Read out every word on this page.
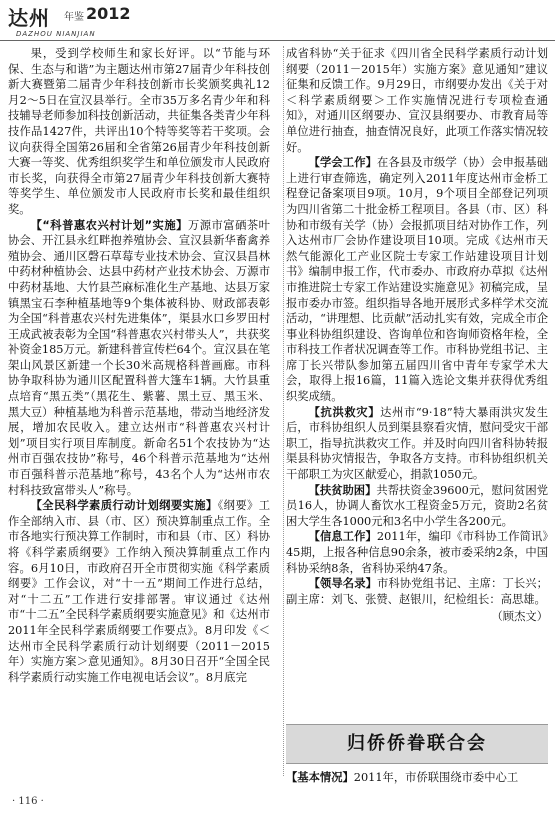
达州 年鉴 2012
DAZHOU NIANJIAN

果，受到学校师生和家长好评。以“节能与环保、生态与和谐”为主题达州市第27届青少年科技创新大赛暨第二届青少年科技创新市长奖颁奖典礼12月2～5日在宣汉县举行。全市35万多名青少年和科技辅导老师参加科技创新活动，共征集各类青少年科技作品1427件，共评出10个特等奖等若干奖项。会议向获得全国第26届和全省第26届青少年科技创新大赛一等奖、优秀组织奖学生和单位颁发市人民政府市长奖，向获得全市第27届青少年科技创新大赛特等奖学生、单位颁发市人民政府市长奖和最佳组织奖。

【“科普惠农兴村计划”实施】万源市富硒茶叶协会、开江县永红畔抱养殖协会、宣汉县新华畜禽养殖协会、通川区磬石草莓专业技术协会、宣汉县昌林中药材种植协会、达县中药材产业技术协会、万源市中药材基地、大竹县苎麻标准化生产基地、达县万家镇黑宝石李种植基地等9个集体被科协、财政部表彰为全国“科普惠农兴村先进集体”，渠县水口乡罗田村王成武被表彰为全国“科普惠农兴村带头人”，共获奖补资金185万元。新建科普宣传栏64个。宣汉县在笔架山风景区新建一个长30米高规格科普画廊。市科协争取科协为通川区配置科普大篷车1辆。大竹县重点培育“黑五类”（黑花生、紫薯、黑土豆、黑玉米、黑大豆）种植基地为科普示范基地，带动当地经济发展，增加农民收入。建立达州市“科普惠农兴村计划”项目实行项目库制度。新命名51个农技协为“达州市百强农技协”称号，46个科普示范基地为“达州市百强科普示范基地”称号，43名个人为“达州市农村科技致富带头人”称号。

【全民科学素质行动计划纲要实施】《纲要》工作全部纳入市、县（市、区）预决算制重点工作。全市各地实行预决算工作制时，市和县（市、区）科协将《科学素质纲要》工作纳入预决算制重点工作内容。6月10日，市政府召开全市贯彻实施《科学素质纲要》工作会议，对“十一五”期间工作进行总结，对“十二五”工作进行安排部署。审议通过《达州市“十二五”全民科学素质纲要实施意见》和《达州市2011年全民科学素质纲要工作要点》。8月印发《＜达州市全民科学素质行动计划纲要（2011－2015年）实施方案＞意见通知》。8月30日召开“全国全民科学素质行动实施工作电视电话会议”。8月底完

成省科协“关于征求《四川省全民科学素质行动计划纲要（2011－2015年）实施方案》意见通知”建议征集和反馈工作。9月29日，市纲要办发出《关于对＜科学素质纲要＞工作实施情况进行专项检查通知》，对通川区纲要办、宣汉县纲要办、市教育局等单位进行抽查，抽查情况良好，此项工作落实情况较好。

【学会工作】在各县及市级学（协）会申报基础上进行审查筛选，确定列入2011年度达州市金桥工程登记备案项目9项。10月，9个项目全部登记列项为四川省第二十批金桥工程项目。各县（市、区）科协和市级有关学（协）会报抓项目结对协作工作，列入达州市厂会协作建设项目10项。完成《达州市天然气能源化工产业区院士专家工作站建设项目计划书》编制申报工作，代市委办、市政府办草拟《达州市推进院士专家工作站建设实施意见》初稿完成，呈报市委办市签。组织指导各地开展形式多样学术交流活动，“讲理想、比贡献”活动扎实有效，完成全市企事业科协组织建设、咨询单位和咨询师资格年检，全市科技工作者状况调查等工作。市科协党组书记、主席丁长兴带队参加第五届四川省中青年专家学术大会，取得上报16篇，11篇入选论文集并获得优秀组织奖成绩。

【抗洪救灾】达州市“9·18”特大暴雨洪灾发生后，市科协组织人员到渠县察看灾情，慰问受灾干部职工，指导抗洪救灾工作。并及时向四川省科协转报渠县科协灾情报告，争取各方支持。市科协组织机关干部职工为灾区献爱心，捐款1050元。

【扶贫助困】共帮扶资金39600元，慰问贫困党员16人，协调人畜饮水工程资金5万元，资助2名贫困大学生各1000元和3名中小学生各200元。

【信息工作】2011年，编印《市科协工作简讯》45期，上报各种信息90余条，被市委采纳2条，中国科协采纳8条，省科协采纳47条。

【领导名录】市科协党组书记、主席：丁长兴；副主席：刘飞、张赞、赵银川，纪检组长：高思雄。

（顾杰文）

归侨侨眷联合会

【基本情况】2011年，市侨联围绕市委中心工

· 116 ·
